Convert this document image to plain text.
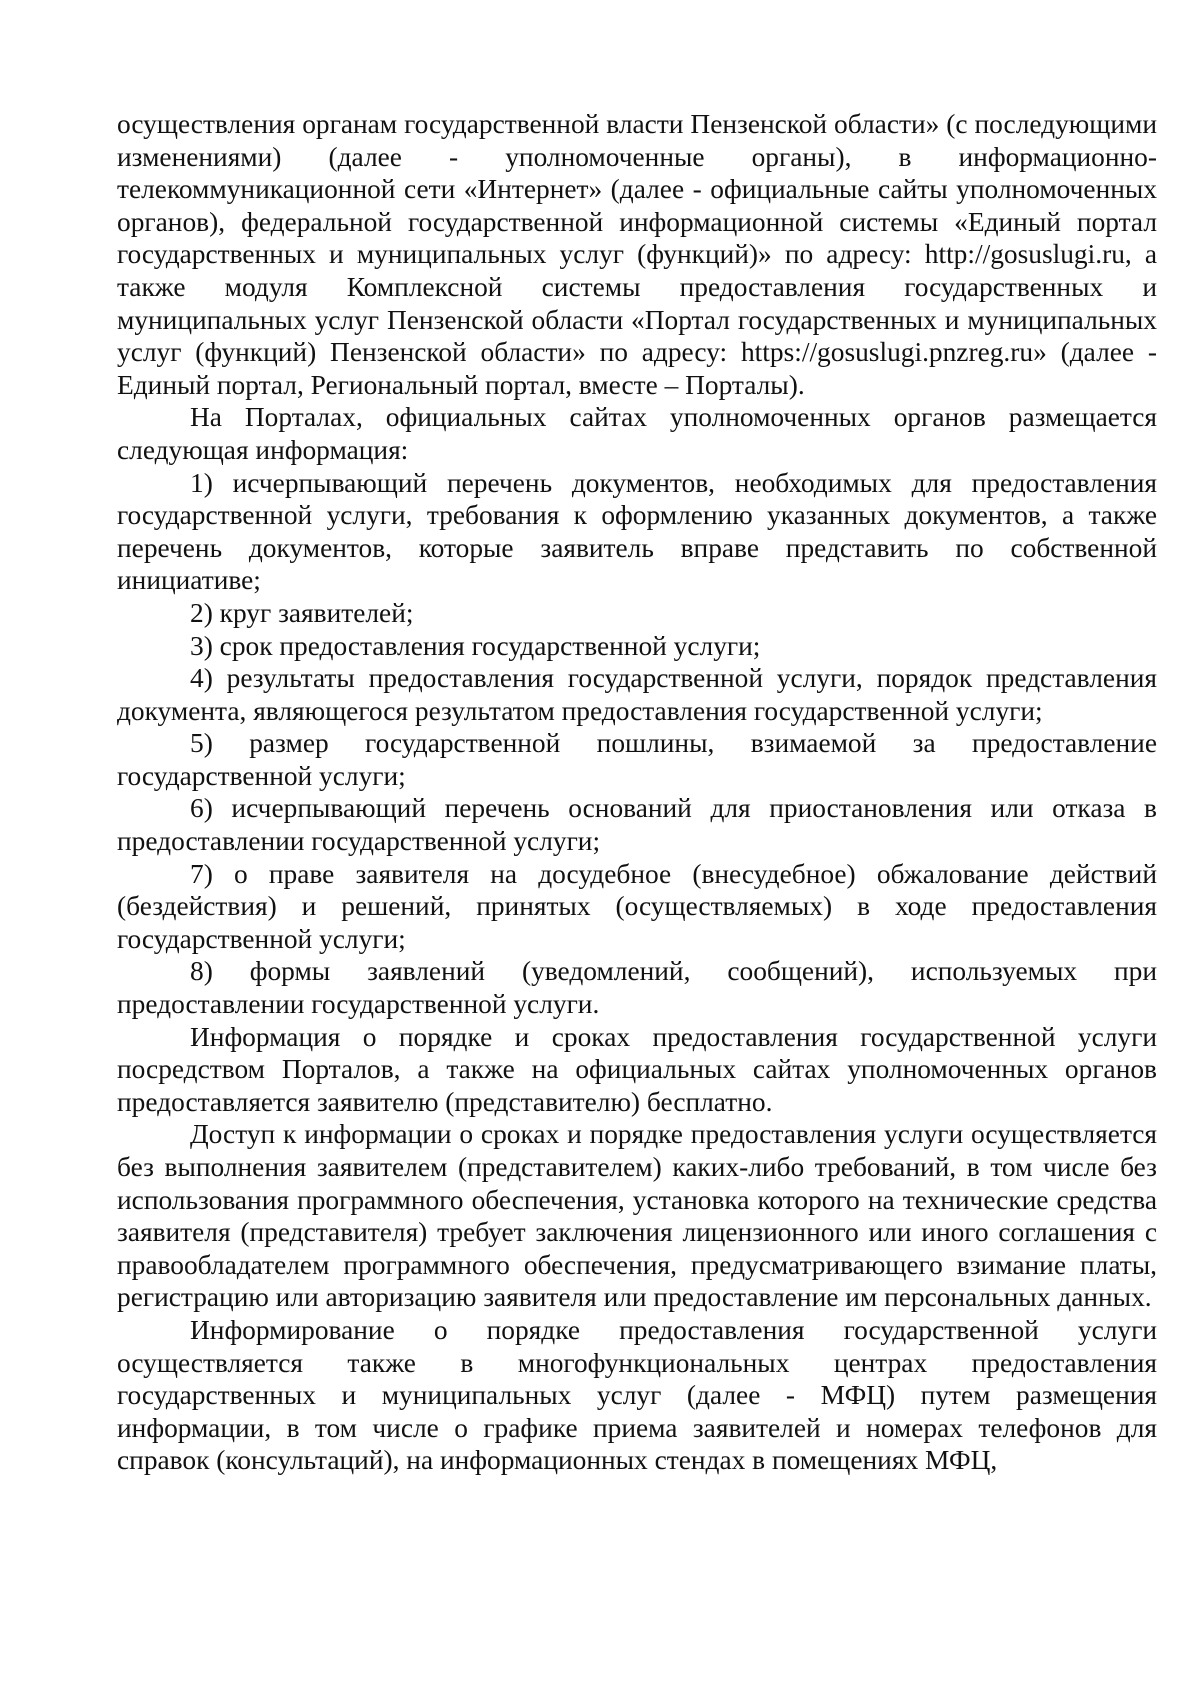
осуществления органам государственной власти Пензенской области» (с последующими изменениями) (далее - уполномоченные органы), в информационно-телекоммуникационной сети «Интернет» (далее - официальные сайты уполномоченных органов), федеральной государственной информационной системы «Единый портал государственных и муниципальных услуг (функций)» по адресу: http://gosuslugi.ru, а также модуля Комплексной системы предоставления государственных и муниципальных услуг Пензенской области «Портал государственных и муниципальных услуг (функций) Пензенской области» по адресу: https://gosuslugi.pnzreg.ru» (далее - Единый портал, Региональный портал, вместе – Порталы).

На Порталах, официальных сайтах уполномоченных органов размещается следующая информация:

1) исчерпывающий перечень документов, необходимых для предоставления государственной услуги, требования к оформлению указанных документов, а также перечень документов, которые заявитель вправе представить по собственной инициативе;

2) круг заявителей;

3) срок предоставления государственной услуги;

4) результаты предоставления государственной услуги, порядок представления документа, являющегося результатом предоставления государственной услуги;

5) размер государственной пошлины, взимаемой за предоставление государственной услуги;

6) исчерпывающий перечень оснований для приостановления или отказа в предоставлении государственной услуги;

7) о праве заявителя на досудебное (внесудебное) обжалование действий (бездействия) и решений, принятых (осуществляемых) в ходе предоставления государственной услуги;

8) формы заявлений (уведомлений, сообщений), используемых при предоставлении государственной услуги.

Информация о порядке и сроках предоставления государственной услуги посредством Порталов, а также на официальных сайтах уполномоченных органов предоставляется заявителю (представителю) бесплатно.

Доступ к информации о сроках и порядке предоставления услуги осуществляется без выполнения заявителем (представителем) каких-либо требований, в том числе без использования программного обеспечения, установка которого на технические средства заявителя (представителя) требует заключения лицензионного или иного соглашения с правообладателем программного обеспечения, предусматривающего взимание платы, регистрацию или авторизацию заявителя или предоставление им персональных данных.

Информирование о порядке предоставления государственной услуги осуществляется также в многофункциональных центрах предоставления государственных и муниципальных услуг (далее - МФЦ) путем размещения информации, в том числе о графике приема заявителей и номерах телефонов для справок (консультаций), на информационных стендах в помещениях МФЦ,
